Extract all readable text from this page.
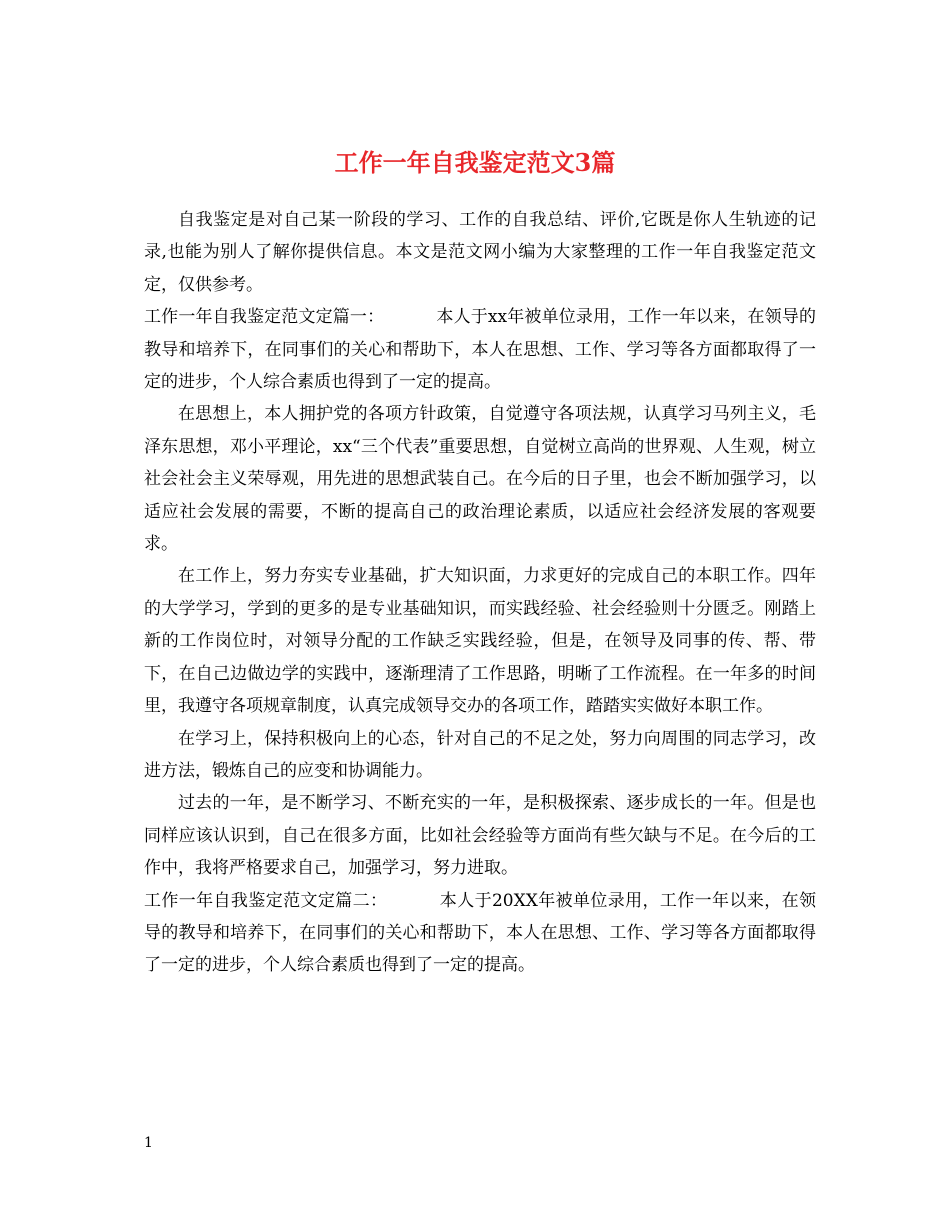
工作一年自我鉴定范文3篇

自我鉴定是对自己某一阶段的学习、工作的自我总结、评价,它既是你人生轨迹的记录,也能为别人了解你提供信息。本文是范文网小编为大家整理的工作一年自我鉴定范文定，仅供参考。

工作一年自我鉴定范文定篇一：	本人于xx年被单位录用，工作一年以来，在领导的教导和培养下，在同事们的关心和帮助下，本人在思想、工作、学习等各方面都取得了一定的进步，个人综合素质也得到了一定的提高。

在思想上，本人拥护党的各项方针政策，自觉遵守各项法规，认真学习马列主义，毛泽东思想，邓小平理论，xx“三个代表”重要思想，自觉树立高尚的世界观、人生观，树立社会社会主义荣辱观，用先进的思想武装自己。在今后的日子里，也会不断加强学习，以适应社会发展的需要，不断的提高自己的政治理论素质，以适应社会经济发展的客观要求。

在工作上，努力夯实专业基础，扩大知识面，力求更好的完成自己的本职工作。四年的大学学习，学到的更多的是专业基础知识，而实践经验、社会经验则十分匮乏。刚踏上新的工作岗位时，对领导分配的工作缺乏实践经验，但是，在领导及同事的传、帮、带下，在自己边做边学的实践中，逐渐理清了工作思路，明晰了工作流程。在一年多的时间里，我遵守各项规章制度，认真完成领导交办的各项工作，踏踏实实做好本职工作。

在学习上，保持积极向上的心态，针对自己的不足之处，努力向周围的同志学习，改进方法，锻炼自己的应变和协调能力。

过去的一年，是不断学习、不断充实的一年，是积极探索、逐步成长的一年。但是也同样应该认识到，自己在很多方面，比如社会经验等方面尚有些欠缺与不足。在今后的工作中，我将严格要求自己，加强学习，努力进取。

工作一年自我鉴定范文定篇二：	本人于20XX年被单位录用，工作一年以来，在领导的教导和培养下，在同事们的关心和帮助下，本人在思想、工作、学习等各方面都取得了一定的进步，个人综合素质也得到了一定的提高。

1
